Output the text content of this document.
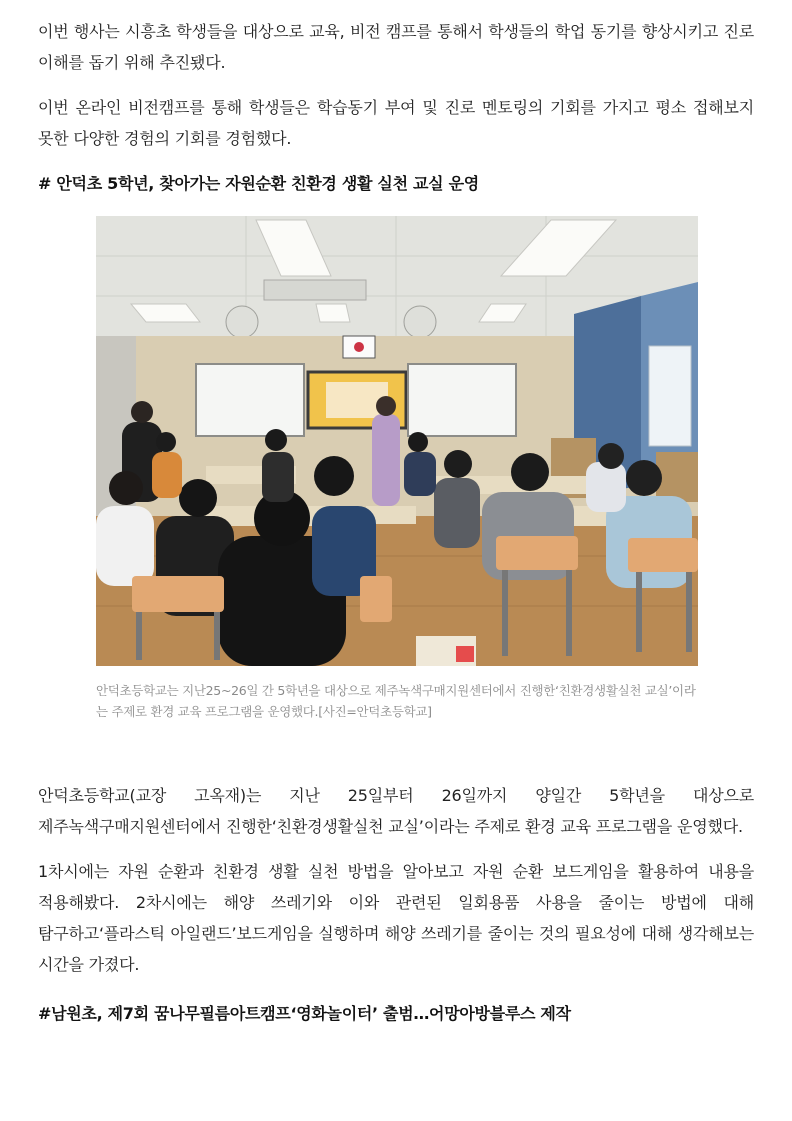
이번 행사는 시흥초 학생들을 대상으로 교육, 비전 캠프를 통해서 학생들의 학업 동기를 향상시키고 진로 이해를 돕기 위해 추진됐다.

이번 온라인 비전캠프를 통해 학생들은 학습동기 부여 및 진로 멘토링의 기회를 가지고 평소 접해보지 못한 다양한 경험의 기회를 경험했다.

# 안덕초 5학년, 찾아가는 자원순환 친환경 생활 실천 교실 운영
안덕초등학교는 지난25~26일 간 5학년을 대상으로 제주녹색구매지원센터에서 진행한‘친환경생활실천 교실’이라는 주제로 환경 교육 프로그램을 운영했다.[사진=안덕초등학교]

안덕초등학교(교장 고옥재)는 지난 25일부터 26일까지 양일간 5학년을 대상으로 제주녹색구매지원센터에서 진행한‘친환경생활실천 교실’이라는 주제로 환경 교육 프로그램을 운영했다.

1차시에는 자원 순환과 친환경 생활 실천 방법을 알아보고 자원 순환 보드게임을 활용하여 내용을 적용해봤다. 2차시에는 해양 쓰레기와 이와 관련된 일회용품 사용을 줄이는 방법에 대해 탐구하고‘플라스틱 아일랜드’보드게임을 실행하며 해양 쓰레기를 줄이는 것의 필요성에 대해 생각해보는 시간을 가졌다.

#남원초, 제7회 꿈나무필름아트캠프‘영화놀이터’ 출범…어망아방블루스 제작
